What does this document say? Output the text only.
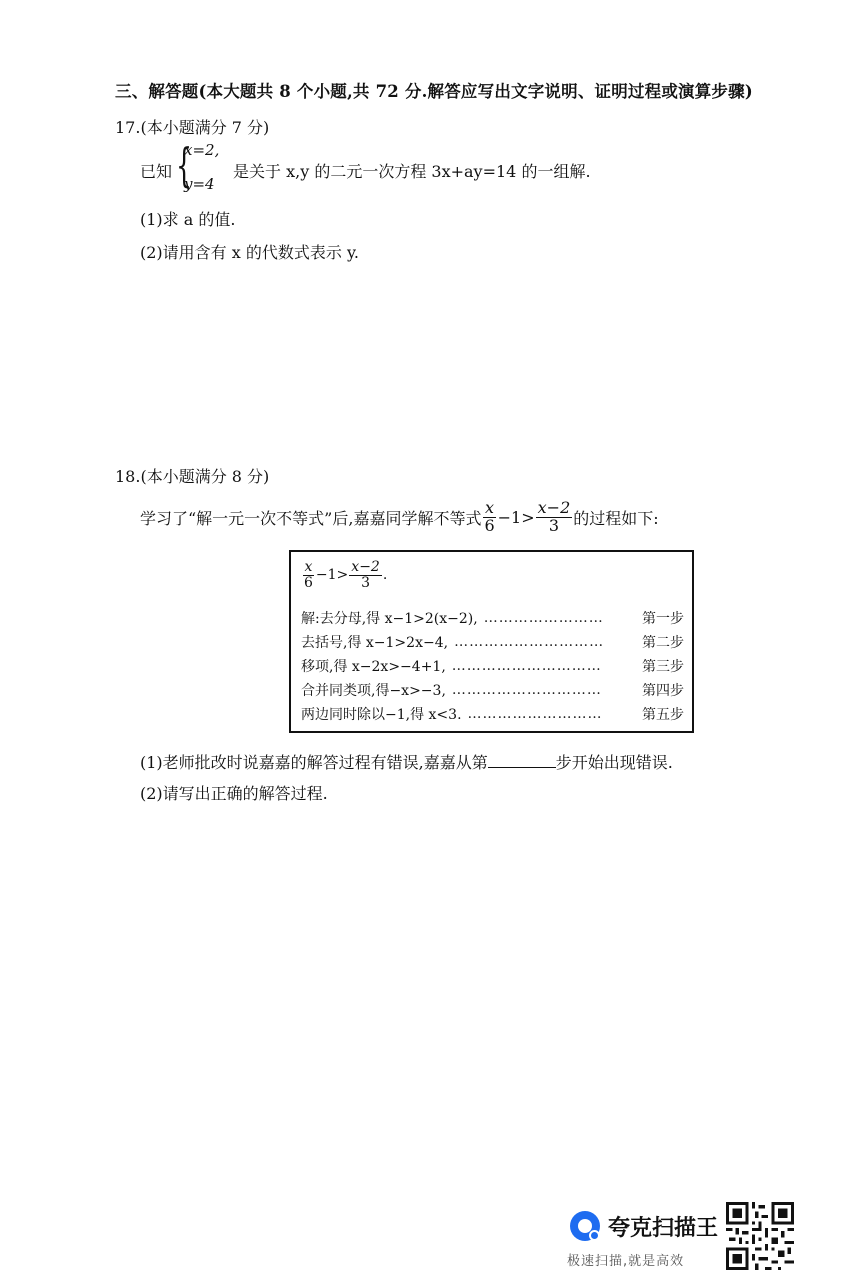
三、解答题(本大题共 8 个小题,共 72 分.解答应写出文字说明、证明过程或演算步骤)
17.(本小题满分 7 分)
已知 {
x=2,
y=4
是关于 x,y 的二元一次方程 3x+ay=14 的一组解.
(1)求 a 的值.
(2)请用含有 x 的代数式表示 y.
18.(本小题满分 8 分)
学习了“解一元一次不等式”后,嘉嘉同学解不等式 $\frac{x}{6} -1> \frac{x-2}{3}$ 的过程如下:
$\frac{x}{6} -1> \frac{x-2}{3}$ .
解:去分母,得 x−1>2(x−2), ……………………	第一步
去括号,得 x−1>2x−4, …………………………	第二步
移项,得 x−2x>−4+1, …………………………	第三步
合并同类项,得−x>−3, …………………………	第四步
两边同时除以−1,得 x<3. ………………………	第五步
(1)老师批改时说嘉嘉的解答过程有错误,嘉嘉从第	步开始出现错误.
(2)请写出正确的解答过程.
夸克扫描王
极速扫描,就是高效
